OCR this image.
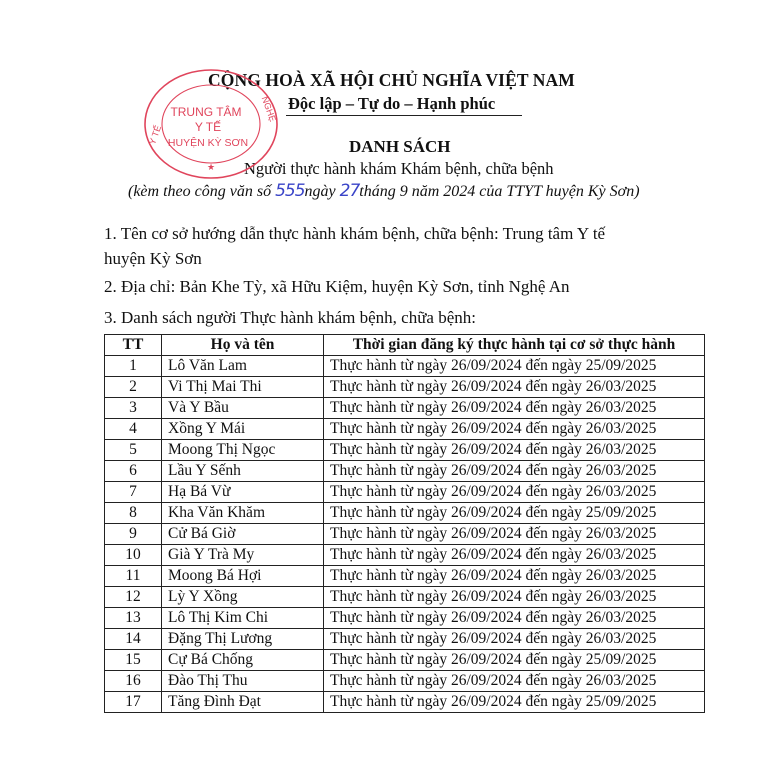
CỘNG HOÀ XÃ HỘI CHỦ NGHĨA VIỆT NAM
Độc lập – Tự do – Hạnh phúc
DANH SÁCH
Người thực hành khám Khám bệnh, chữa bệnh
(kèm theo công văn số 555ngày 27tháng 9 năm 2024 của TTYT huyện Kỳ Sơn)
TRUNG TÂM
Y TẾ
HUYỆN KỲ SƠN
Y TẾ
NGHỆ
★
1. Tên cơ sở hướng dẫn thực hành khám bệnh, chữa bệnh: Trung tâm Y tế
huyện Kỳ Sơn
2. Địa chỉ: Bản Khe Tỳ, xã Hữu Kiệm, huyện Kỳ Sơn, tỉnh Nghệ An
3. Danh sách người Thực hành khám bệnh, chữa bệnh:
TT	Họ và tên	Thời gian đăng ký thực hành tại cơ sở thực hành
1	Lô Văn Lam	Thực hành từ ngày 26/09/2024 đến ngày 25/09/2025
2	Vi Thị Mai Thi	Thực hành từ ngày 26/09/2024 đến ngày 26/03/2025
3	Và Y Bầu	Thực hành từ ngày 26/09/2024 đến ngày 26/03/2025
4	Xồng Y Mái	Thực hành từ ngày 26/09/2024 đến ngày 26/03/2025
5	Moong Thị Ngọc	Thực hành từ ngày 26/09/2024 đến ngày 26/03/2025
6	Lầu Y Sếnh	Thực hành từ ngày 26/09/2024 đến ngày 26/03/2025
7	Hạ Bá Vừ	Thực hành từ ngày 26/09/2024 đến ngày 26/03/2025
8	Kha Văn Khăm	Thực hành từ ngày 26/09/2024 đến ngày 25/09/2025
9	Cử Bá Giờ	Thực hành từ ngày 26/09/2024 đến ngày 26/03/2025
10	Già Y Trà My	Thực hành từ ngày 26/09/2024 đến ngày 26/03/2025
11	Moong Bá Hợi	Thực hành từ ngày 26/09/2024 đến ngày 26/03/2025
12	Lỳ Y Xồng	Thực hành từ ngày 26/09/2024 đến ngày 26/03/2025
13	Lô Thị Kim Chi	Thực hành từ ngày 26/09/2024 đến ngày 26/03/2025
14	Đặng Thị Lương	Thực hành từ ngày 26/09/2024 đến ngày 26/03/2025
15	Cự Bá Chống	Thực hành từ ngày 26/09/2024 đến ngày 25/09/2025
16	Đào Thị Thu	Thực hành từ ngày 26/09/2024 đến ngày 26/03/2025
17	Tăng Đình Đạt	Thực hành từ ngày 26/09/2024 đến ngày 25/09/2025
